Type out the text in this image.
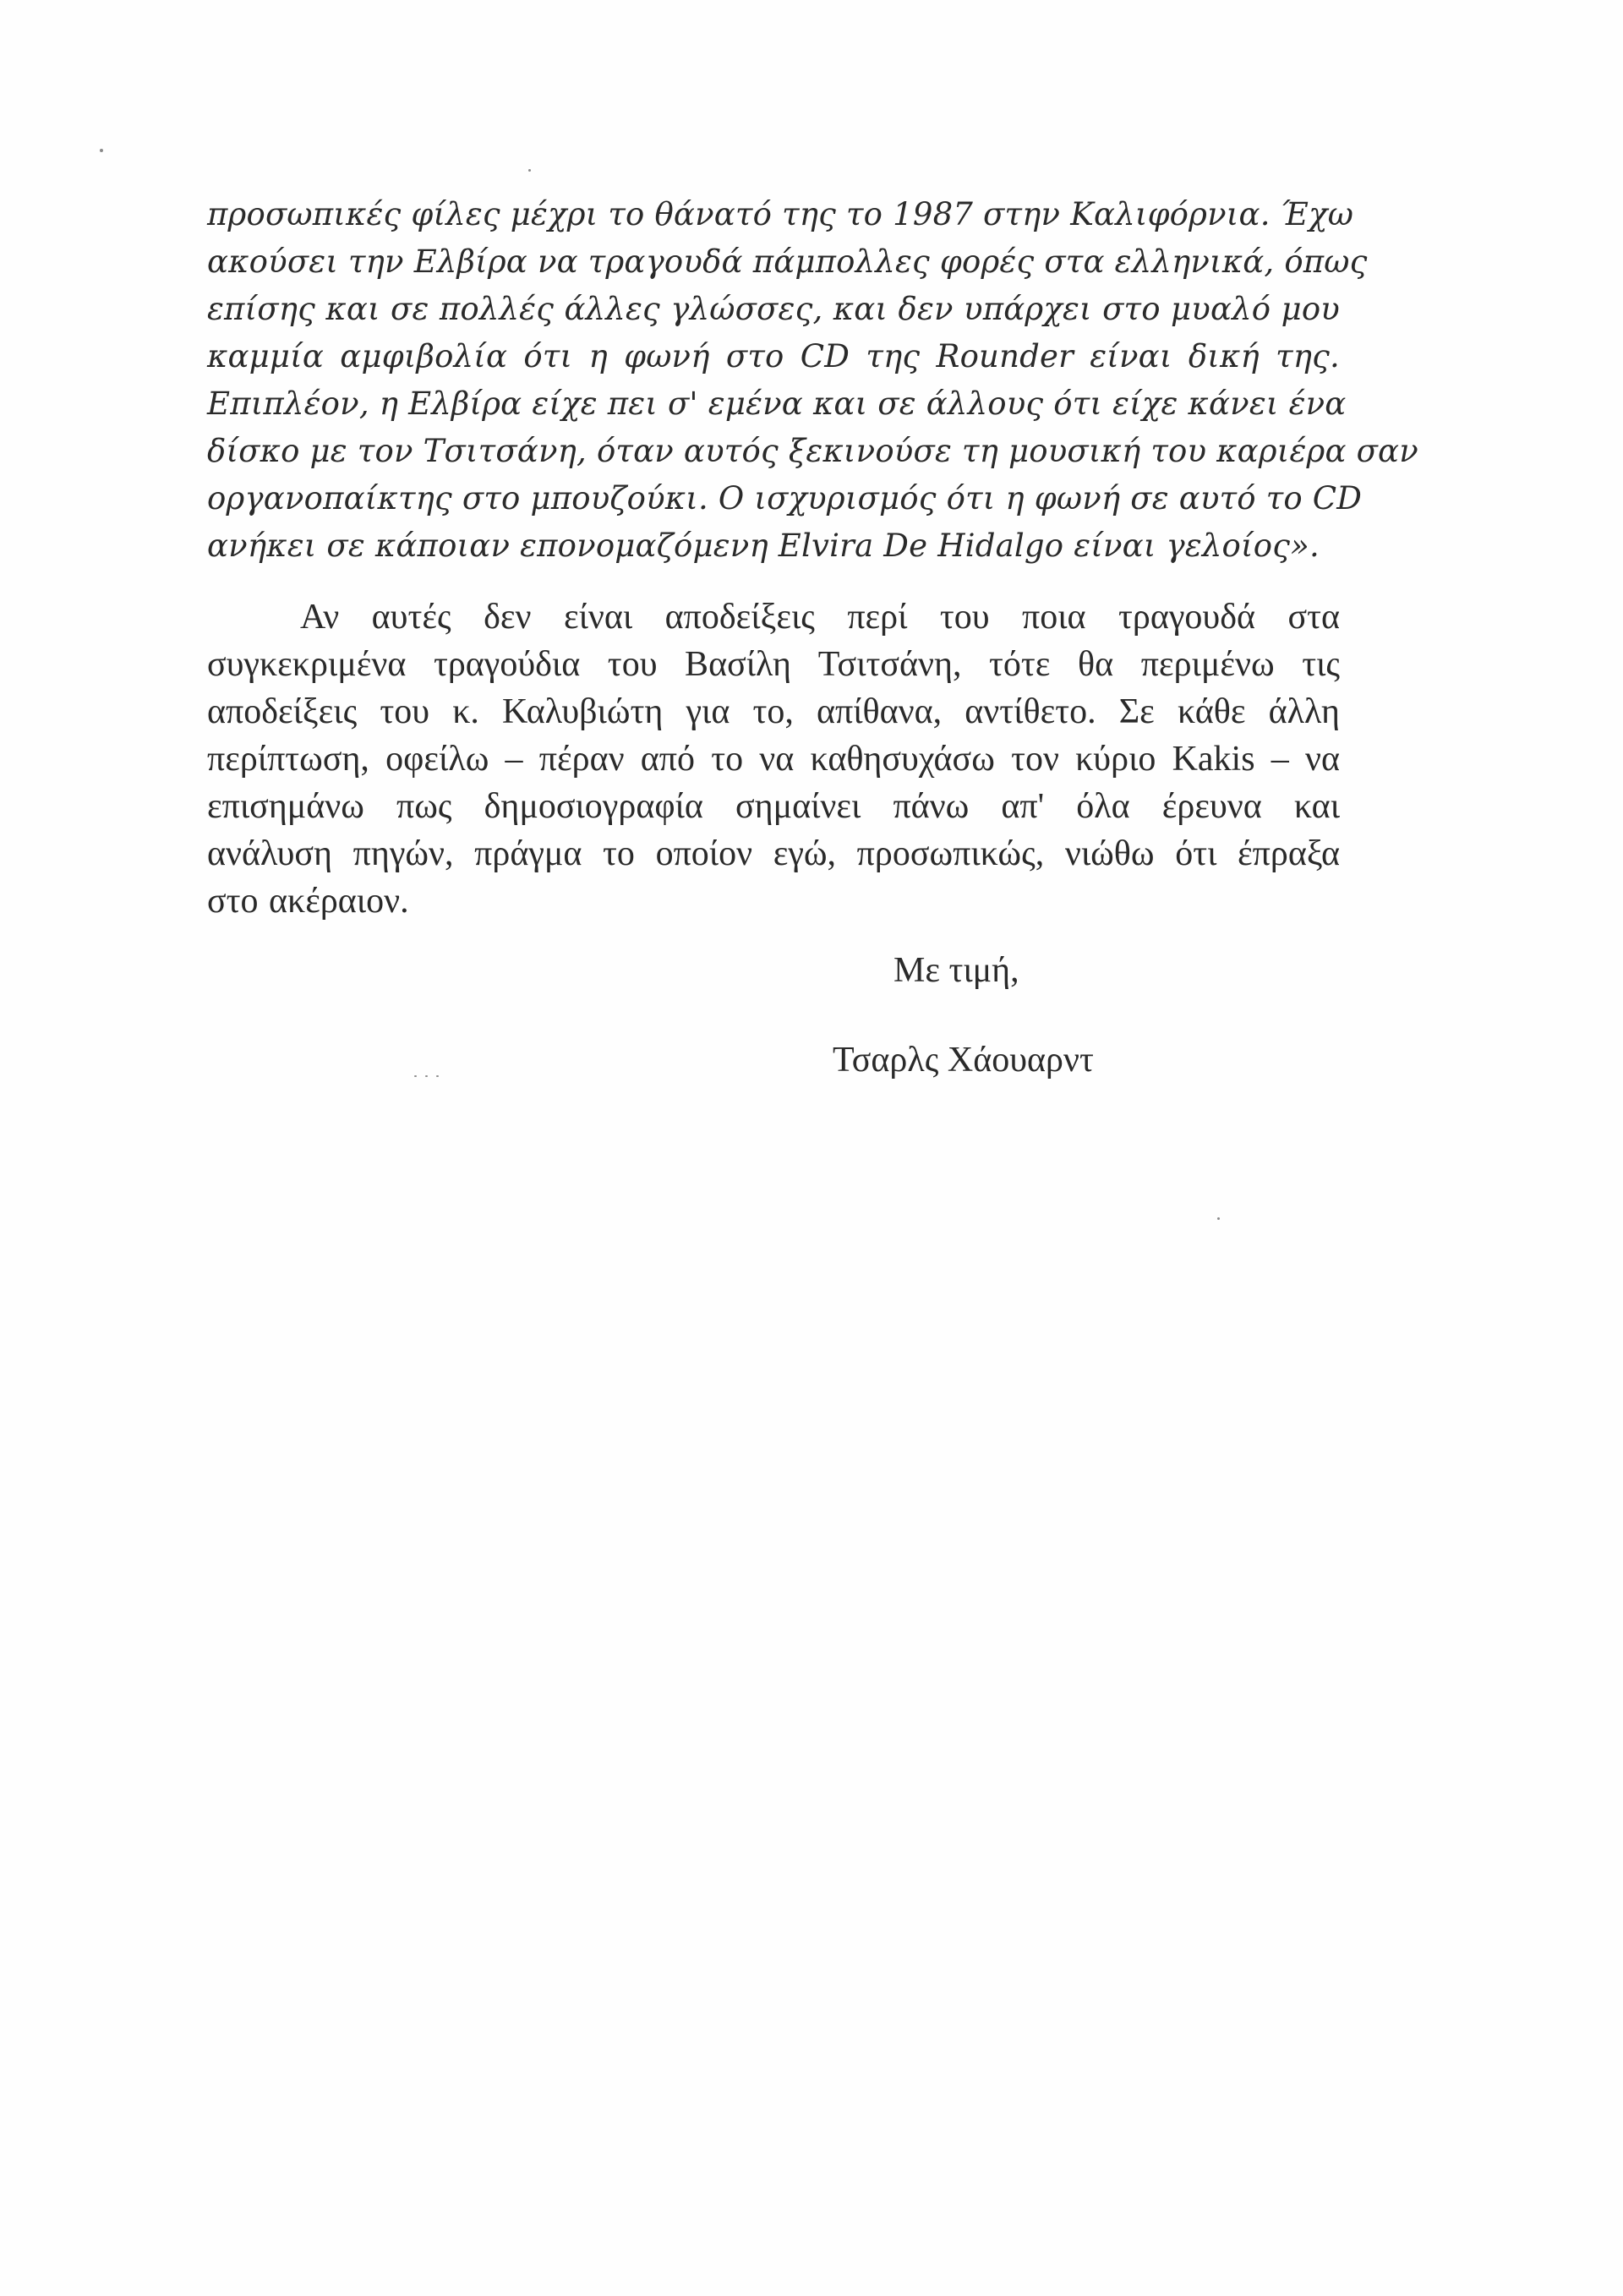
προσωπικές φίλες μέχρι το θάνατό της το 1987 στην Καλιφόρνια. Έχω
ακούσει την Ελβίρα να τραγουδά πάμπολλες φορές στα ελληνικά, όπως
επίσης και σε πολλές άλλες γλώσσες, και δεν υπάρχει στο μυαλό μου
καμμία αμφιβολία ότι η φωνή στο CD της Rounder είναι δική της.
Επιπλέον, η Ελβίρα είχε πει σ' εμένα και σε άλλους ότι είχε κάνει ένα
δίσκο με τον Τσιτσάνη, όταν αυτός ξεκινούσε τη μουσική του καριέρα σαν
οργανοπαίκτης στο μπουζούκι. Ο ισχυρισμός ότι η φωνή σε αυτό το CD
ανήκει σε κάποιαν επονομαζόμενη Elvira De Hidalgo είναι γελοίος».
Αν αυτές δεν είναι αποδείξεις περί του ποια τραγουδά στα
συγκεκριμένα τραγούδια του Βασίλη Τσιτσάνη, τότε θα περιμένω τις
αποδείξεις του κ. Καλυβιώτη για το, απίθανα, αντίθετο. Σε κάθε άλλη
περίπτωση, οφείλω – πέραν από το να καθησυχάσω τον κύριο Kakis – να
επισημάνω πως δημοσιογραφία σημαίνει πάνω απ' όλα έρευνα και
ανάλυση πηγών, πράγμα το οποίον εγώ, προσωπικώς, νιώθω ότι έπραξα
στο ακέραιον.
Με τιμή,
Τσαρλς Χάουαρντ
